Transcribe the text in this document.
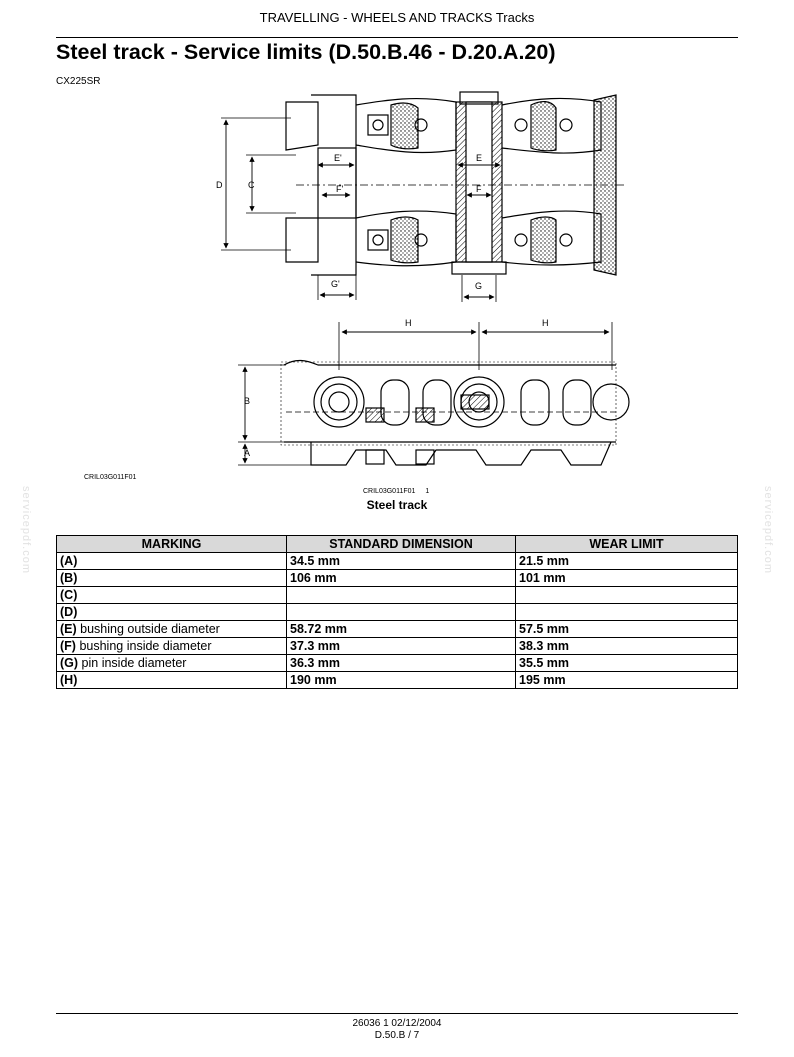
TRAVELLING - WHEELS AND TRACKS Tracks
Steel track - Service limits (D.50.B.46 - D.20.A.20)
CX225SR
servicepdf.com	servicepdf.com
D	C
E'
F'
G'
E
F
G
H	H
B
A
CRIL03G011F01
CRIL03G011F01 1
Steel track
MARKING	STANDARD DIMENSION	WEAR LIMIT
(A)	34.5 mm	21.5 mm
(B)	106 mm	101 mm
(C)		
(D)		
(E) bushing outside diameter	58.72 mm	57.5 mm
(F) bushing inside diameter	37.3 mm	38.3 mm
(G) pin inside diameter	36.3 mm	35.5 mm
(H)	190 mm	195 mm
26036 1 02/12/2004
D.50.B / 7
